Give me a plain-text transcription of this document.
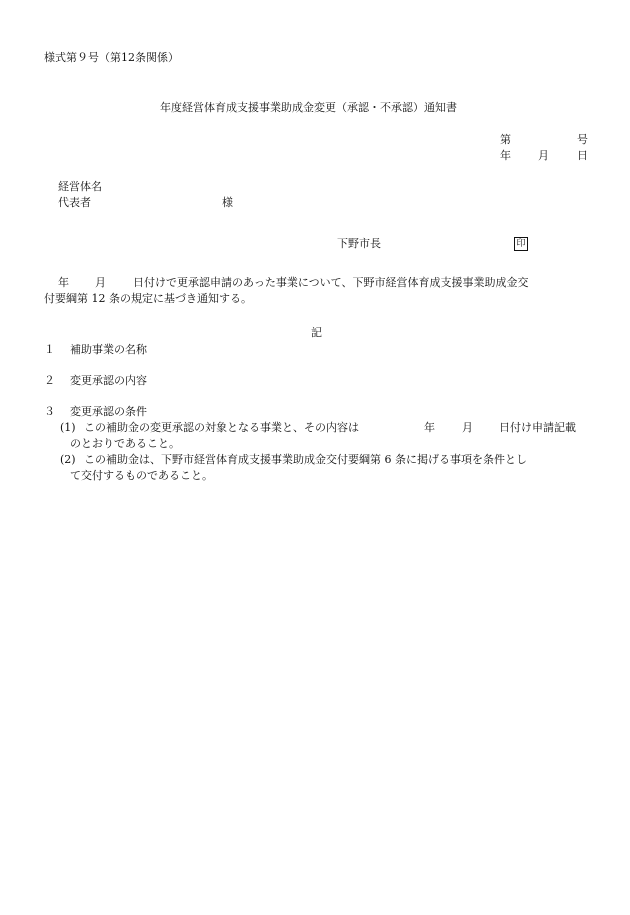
様式第９号（第12条関係）
年度経営体育成支援事業助成金変更（承認・不承認）通知書
第	号
年 月	日
経営体名
代表者	様
下野市長	印
年 月 日付けで更承認申請のあった事業について、下野市経営体育成支援事業助成金交
付要綱第 12 条の規定に基づき通知する。
記
１ 補助事業の名称
２ 変更承認の内容
３ 変更承認の条件
(1) この補助金の変更承認の対象となる事業と、その内容は	年 月 日付け申請記載
のとおりであること。
(2) この補助金は、下野市経営体育成支援事業助成金交付要綱第 6 条に掲げる事項を条件とし
て交付するものであること。
